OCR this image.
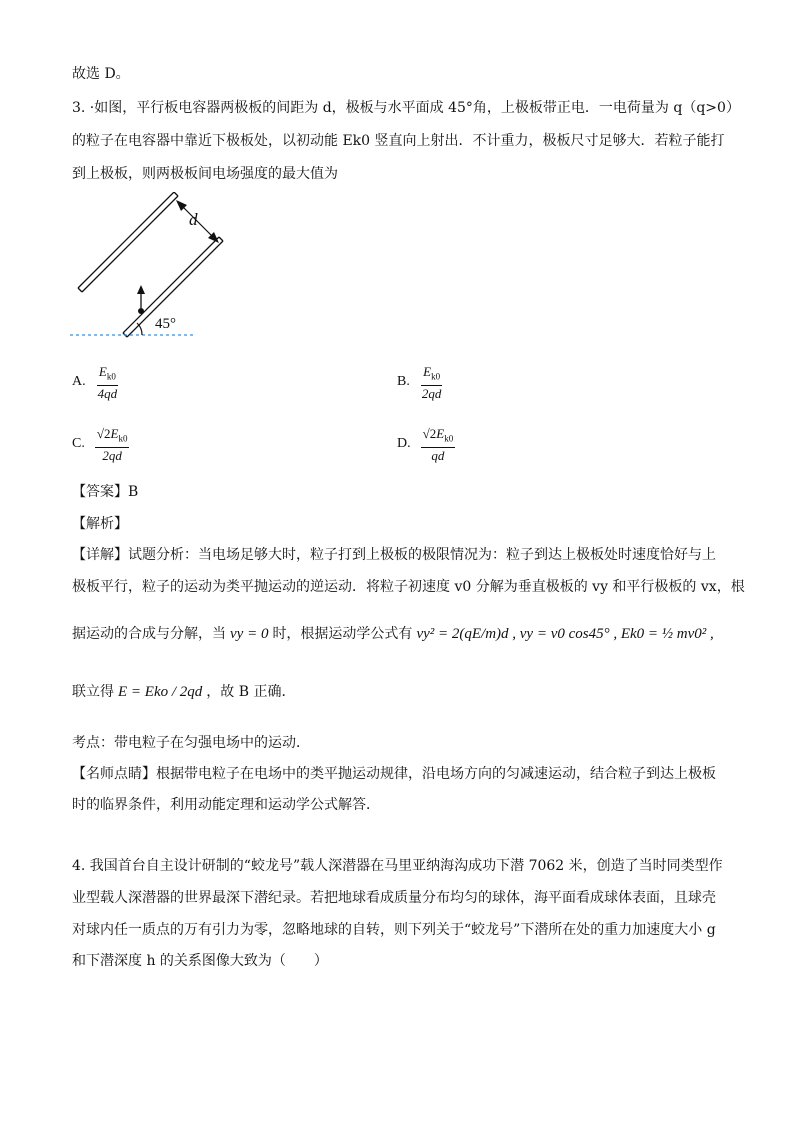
故选 D。
3. ·如图，平行板电容器两极板的间距为 d，极板与水平面成 45°角，上极板带正电．一电荷量为 q（q>0）
的粒子在电容器中靠近下极板处，以初动能 Ek0 竖直向上射出．不计重力，极板尺寸足够大．若粒子能打
到上极板，则两极板间电场强度的最大值为
d
45°
A. $\frac{E_{k0}}{4qd}$	B. $\frac{E_{k0}}{2qd}$
C. $\frac{√2E_{k0}}{2qd}$	D. $\frac{√2E_{k0}}{qd}$
【答案】B
【解析】
【详解】试题分析：当电场足够大时，粒子打到上极板的极限情况为：粒子到达上极板处时速度恰好与上
极板平行，粒子的运动为类平抛运动的逆运动．将粒子初速度 v0 分解为垂直极板的 vy 和平行极板的 vx，根
据运动的合成与分解，当 vy = 0 时，根据运动学公式有 vy² = 2(qE/m)d , vy = v0 cos45° , Ek0 = ½ mv0² ,
联立得 E = Eko / 2qd ，故 B 正确．
考点：带电粒子在匀强电场中的运动．
【名师点睛】根据带电粒子在电场中的类平抛运动规律，沿电场方向的匀减速运动，结合粒子到达上极板
时的临界条件，利用动能定理和运动学公式解答．
4. 我国首台自主设计研制的“蛟龙号”载人深潜器在马里亚纳海沟成功下潜 7062 米，创造了当时同类型作
业型载人深潜器的世界最深下潜纪录。若把地球看成质量分布均匀的球体，海平面看成球体表面，且球壳
对球内任一质点的万有引力为零，忽略地球的自转，则下列关于“蛟龙号”下潜所在处的重力加速度大小 g
和下潜深度 h 的关系图像大致为（　　）
